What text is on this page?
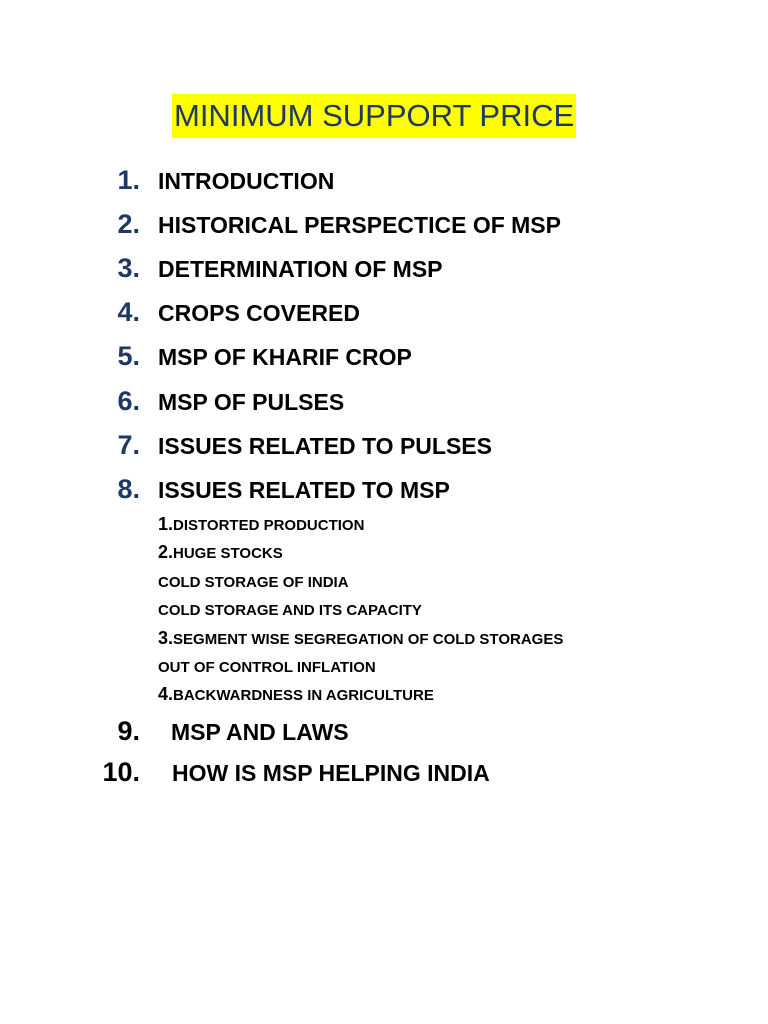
MINIMUM SUPPORT PRICE
1. INTRODUCTION
2. HISTORICAL PERSPECTICE OF MSP
3. DETERMINATION OF MSP
4. CROPS COVERED
5. MSP OF KHARIF CROP
6. MSP OF PULSES
7. ISSUES RELATED TO PULSES
8. ISSUES RELATED TO MSP
1.DISTORTED PRODUCTION
2.HUGE STOCKS
COLD STORAGE OF INDIA
COLD STORAGE AND ITS CAPACITY
3.SEGMENT WISE SEGREGATION OF COLD STORAGES
OUT OF CONTROL INFLATION
4.BACKWARDNESS IN AGRICULTURE
9. MSP AND LAWS
10. HOW IS MSP HELPING INDIA
